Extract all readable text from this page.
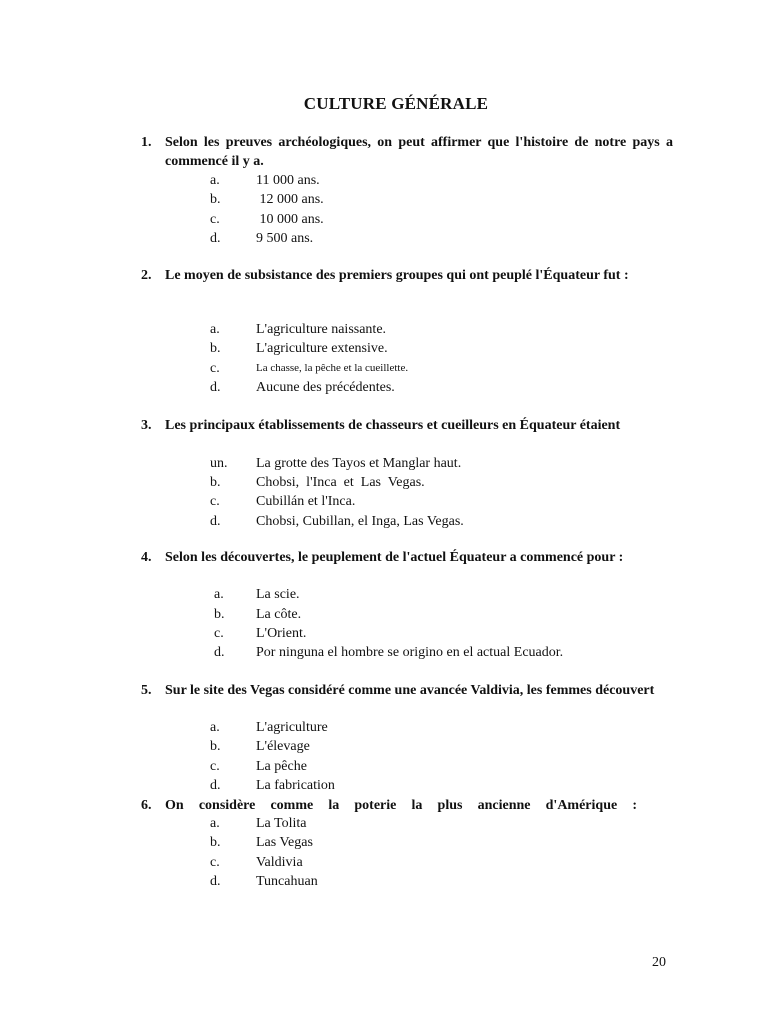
CULTURE GÉNÉRALE
1. Selon les preuves archéologiques, on peut affirmer que l'histoire de notre pays a commencé il y a.
a.	11 000 ans.
b.	12 000 ans.
c.	10 000 ans.
d.	9 500 ans.
2. Le moyen de subsistance des premiers groupes qui ont peuplé l'Équateur fut :
a.	L'agriculture naissante.
b.	L'agriculture extensive.
c.	La chasse, la pêche et la cueillette.
d.	Aucune des précédentes.
3. Les principaux établissements de chasseurs et cueilleurs en Équateur étaient
un. La grotte des Tayos et Manglar haut.
b.	Chobsi,  l'Inca  et  Las  Vegas.
c.	Cubillán et l'Inca.
d.	Chobsi, Cubillan, el Inga, Las Vegas.
4. Selon les découvertes, le peuplement de l'actuel Équateur a commencé pour :
a. La scie.
b. La côte.
c. L'Orient.
d. Por ninguna el hombre se origino en el actual Ecuador.
5. Sur le site des Vegas considéré comme une avancée Valdivia, les femmes découvert
a.	L'agriculture
b.	L'élevage
c.	La pêche
d.	La fabrication
6. On considère comme la poterie la plus ancienne d'Amérique :
a.	La Tolita
b.	Las Vegas
c.	Valdivia
d.	Tuncahuan
20
